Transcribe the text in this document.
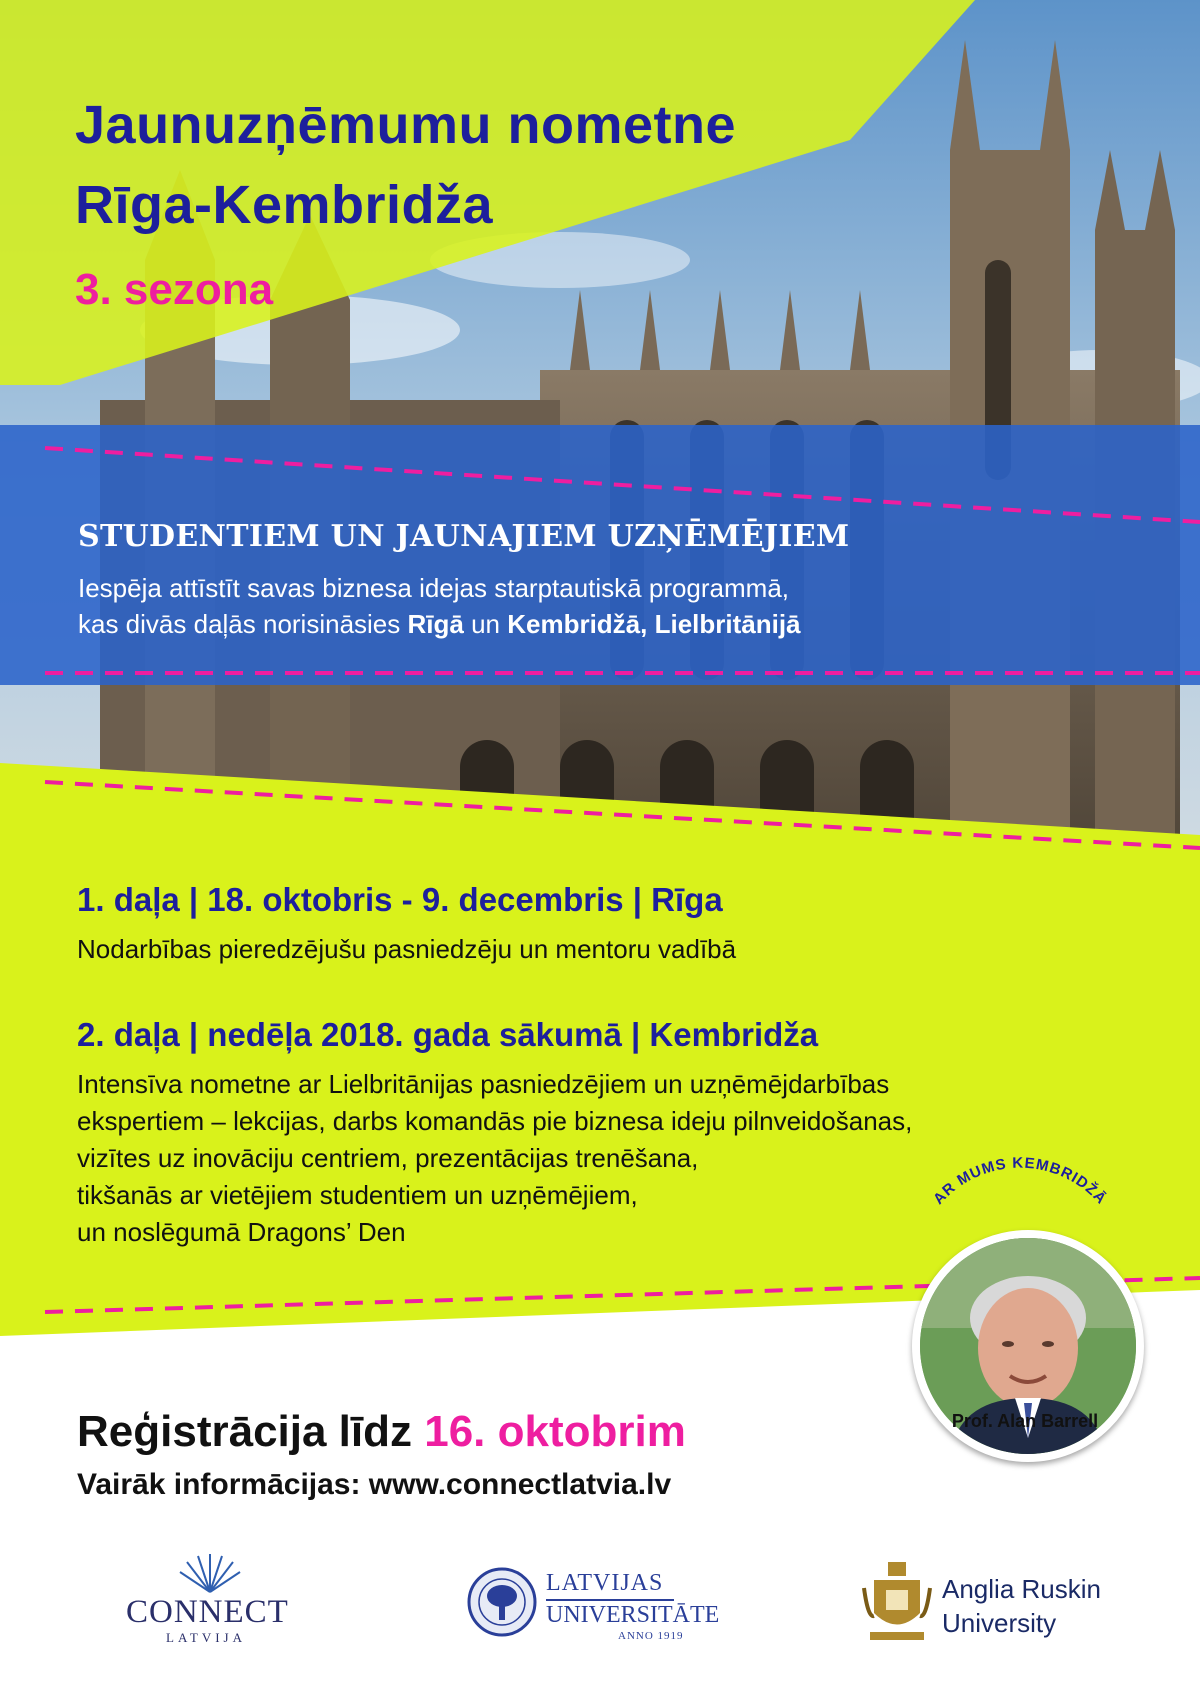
Jaunuzņēmumu nometne

Rīga-Kembridža

3. sezona

STUDENTIEM UN JAUNAJIEM UZŅĒMĒJIEM

Iespēja attīstīt savas biznesa idejas starptautiskā programmā,

kas divās daļās norisināsies Rīgā un Kembridžā, Lielbritānijā

1. daļa | 18. oktobris - 9. decembris | Rīga

Nodarbības pieredzējušu pasniedzēju un mentoru vadībā

2. daļa | nedēļa 2018. gada sākumā | Kembridža

Intensīva nometne ar Lielbritānijas pasniedzējiem un uzņēmējdarbības

ekspertiem – lekcijas, darbs komandās pie biznesa ideju pilnveidošanas,

vizītes uz inovāciju centriem, prezentācijas trenēšana,

tikšanās ar vietējiem studentiem un uzņēmējiem,

un noslēgumā Dragons’ Den

AR MUMS KEMBRIDŽĀ

Prof. Alan Barrell

Reģistrācija līdz 16. oktobrim

Vairāk informācijas: www.connectlatvia.lv

CONNECT

LATVIJA

LATVIJAS

UNIVERSITĀTE

ANNO 1919

Anglia Ruskin

University
